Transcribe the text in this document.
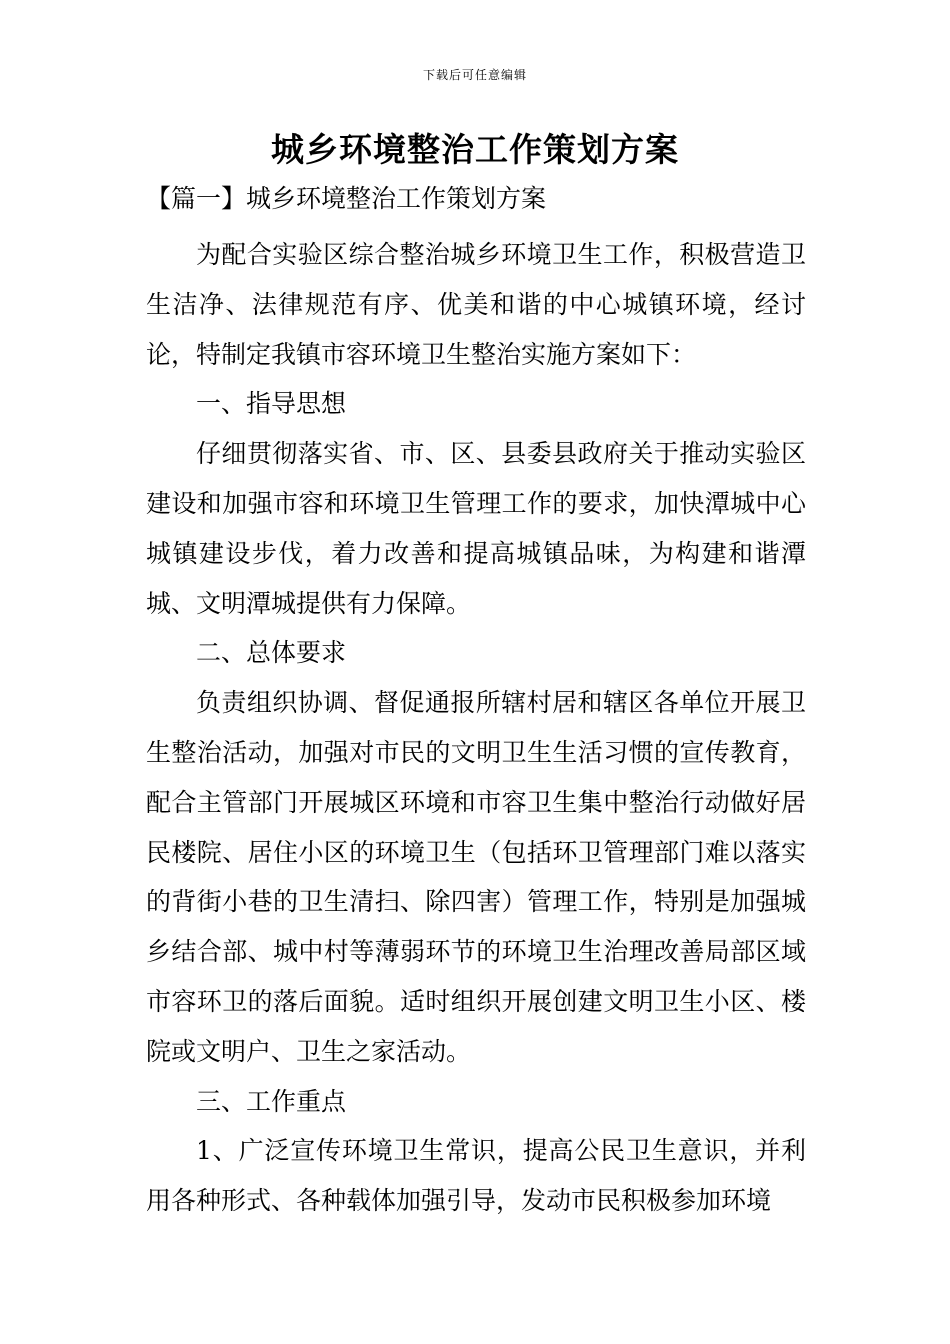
下载后可任意编辑
城乡环境整治工作策划方案
【篇一】城乡环境整治工作策划方案

为配合实验区综合整治城乡环境卫生工作，积极营造卫生洁净、法律规范有序、优美和谐的中心城镇环境，经讨论，特制定我镇市容环境卫生整治实施方案如下：

一、指导思想

仔细贯彻落实省、市、区、县委县政府关于推动实验区建设和加强市容和环境卫生管理工作的要求，加快潭城中心城镇建设步伐，着力改善和提高城镇品味，为构建和谐潭城、文明潭城提供有力保障。

二、总体要求

负责组织协调、督促通报所辖村居和辖区各单位开展卫生整治活动，加强对市民的文明卫生生活习惯的宣传教育，配合主管部门开展城区环境和市容卫生集中整治行动做好居民楼院、居住小区的环境卫生（包括环卫管理部门难以落实的背街小巷的卫生清扫、除四害）管理工作，特别是加强城乡结合部、城中村等薄弱环节的环境卫生治理改善局部区域市容环卫的落后面貌。适时组织开展创建文明卫生小区、楼院或文明户、卫生之家活动。

三、工作重点

1、广泛宣传环境卫生常识，提高公民卫生意识，并利用各种形式、各种载体加强引导，发动市民积极参加环境
